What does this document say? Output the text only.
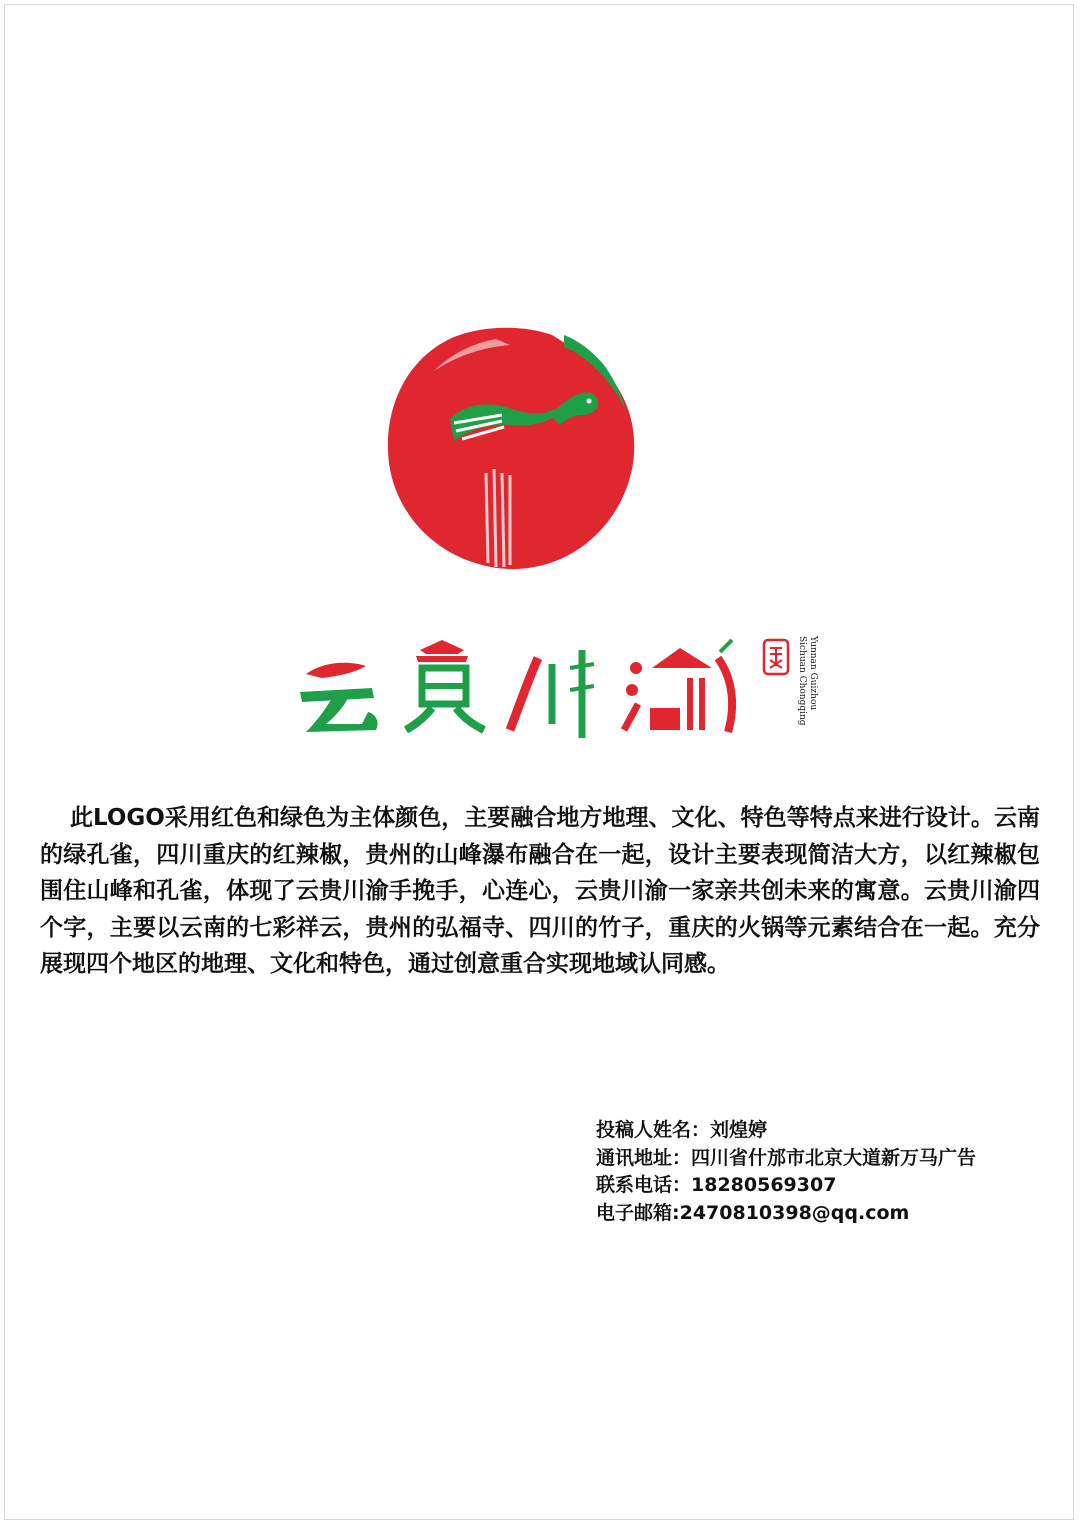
Yunnan Guizhou
Sichuan Chongqing

此LOGO采用红色和绿色为主体颜色，主要融合地方地理、文化、特色等特点来进行设计。云南的绿孔雀，四川重庆的红辣椒，贵州的山峰瀑布融合在一起，设计主要表现简洁大方，以红辣椒包围住山峰和孔雀，体现了云贵川渝手挽手，心连心，云贵川渝一家亲共创未来的寓意。云贵川渝四个字，主要以云南的七彩祥云，贵州的弘福寺、四川的竹子，重庆的火锅等元素结合在一起。充分展现四个地区的地理、文化和特色，通过创意重合实现地域认同感。

投稿人姓名：刘煌婷
通讯地址：四川省什邡市北京大道新万马广告
联系电话：18280569307
电子邮箱:2470810398@qq.com
